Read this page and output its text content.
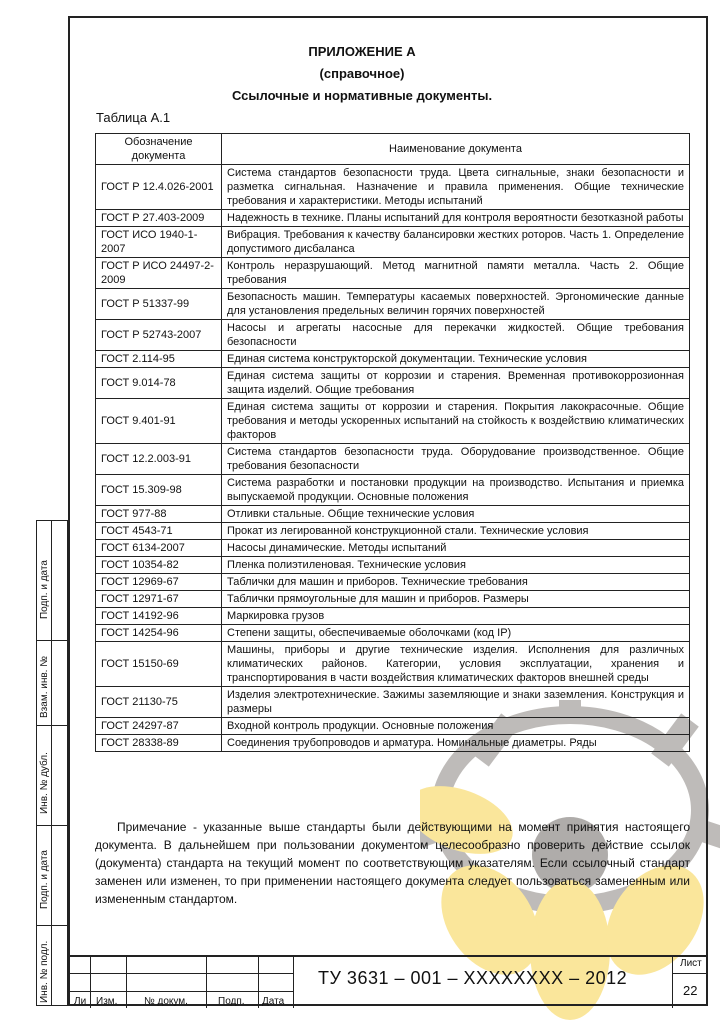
ПРИЛОЖЕНИЕ А
(справочное)
Ссылочные и нормативные документы.
Таблица А.1
Обозначение документа	Наименование документа
ГОСТ Р 12.4.026-2001	Система стандартов безопасности труда. Цвета сигнальные, знаки безопасности и разметка сигнальная. Назначение и правила применения. Общие технические требования и характеристики. Методы испытаний
ГОСТ Р 27.403-2009	Надежность в технике. Планы испытаний для контроля вероятности безотказной работы
ГОСТ ИСО 1940-1-2007	Вибрация. Требования к качеству балансировки жестких роторов. Часть 1. Определение допустимого дисбаланса
ГОСТ Р ИСО 24497-2-2009	Контроль неразрушающий. Метод магнитной памяти металла. Часть 2. Общие требования
ГОСТ Р 51337-99	Безопасность машин. Температуры касаемых поверхностей. Эргономические данные для установления предельных величин горячих поверхностей
ГОСТ Р 52743-2007	Насосы и агрегаты насосные для перекачки жидкостей. Общие требования безопасности
ГОСТ 2.114-95	Единая система конструкторской документации. Технические условия
ГОСТ 9.014-78	Единая система защиты от коррозии и старения. Временная противокоррозионная защита изделий. Общие требования
ГОСТ 9.401-91	Единая система защиты от коррозии и старения. Покрытия лакокрасочные. Общие требования и методы ускоренных испытаний на стойкость к воздействию климатических факторов
ГОСТ 12.2.003-91	Система стандартов безопасности труда. Оборудование производственное. Общие требования безопасности
ГОСТ 15.309-98	Система разработки и постановки продукции на производство. Испытания и приемка выпускаемой продукции. Основные положения
ГОСТ 977-88	Отливки стальные. Общие технические условия
ГОСТ 4543-71	Прокат из легированной конструкционной стали. Технические условия
ГОСТ 6134-2007	Насосы динамические. Методы испытаний
ГОСТ 10354-82	Пленка полиэтиленовая. Технические условия
ГОСТ 12969-67	Таблички для машин и приборов. Технические требования
ГОСТ 12971-67	Таблички прямоугольные для машин и приборов. Размеры
ГОСТ 14192-96	Маркировка грузов
ГОСТ 14254-96	Степени защиты, обеспечиваемые оболочками (код IP)
ГОСТ 15150-69	Машины, приборы и другие технические изделия. Исполнения для различных климатических районов. Категории, условия эксплуатации, хранения и транспортирования в части воздействия климатических факторов внешней среды
ГОСТ 21130-75	Изделия электротехнические. Зажимы заземляющие и знаки заземления. Конструкция и размеры
ГОСТ 24297-87	Входной контроль продукции. Основные положения
ГОСТ 28338-89	Соединения трубопроводов и арматура. Номинальные диаметры. Ряды
Примечание - указанные выше стандарты были действующими на момент принятия настоящего документа. В дальнейшем при пользовании документом целесообразно проверить действие ссылок (документа) стандарта на текущий момент по соответствующим указателям. Если ссылочный стандарт заменен или изменен, то при применении настоящего документа следует пользоваться замененным или измененным стандартом.
Подп. и дата
Взам. инв. №
Инв. № дубл.
Подп. и дата
Инв. № подл. Ли Изм.	№ докум.	Подп. Дата
ТУ 3631 – 001 – ХХХХХХХХ – 2012
Лист
22
